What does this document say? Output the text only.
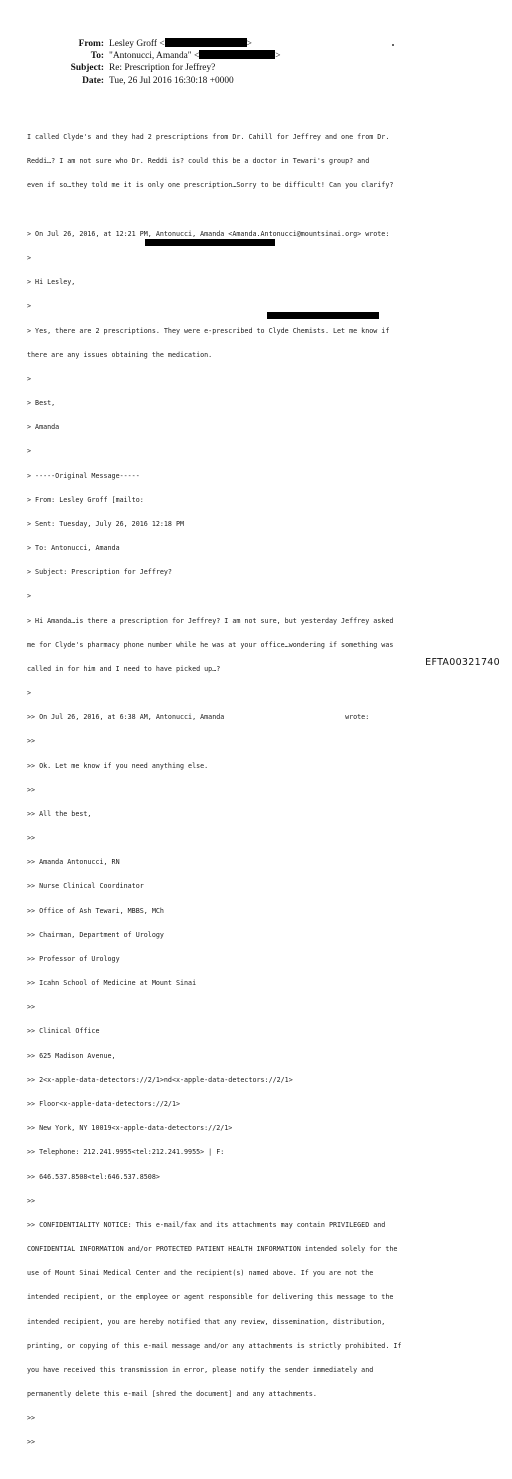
From: Lesley Groff <	>
To: "Antonucci, Amanda" <	>
Subject: Re: Prescription for Jeffrey?
Date: Tue, 26 Jul 2016 16:30:18 +0000

I called Clyde's and they had 2 prescriptions from Dr. Cahill for Jeffrey and one from Dr.

Reddi…? I am not sure who Dr. Reddi is? could this be a doctor in Tewari's group? and

even if so…they told me it is only one prescription…Sorry to be difficult! Can you clarify?

> On Jul 26, 2016, at 12:21 PM, Antonucci, Amanda <Amanda.Antonucci@mountsinai.org> wrote:

>

> Hi Lesley,

>

> Yes, there are 2 prescriptions. They were e-prescribed to Clyde Chemists. Let me know if

there are any issues obtaining the medication.

>

> Best,

> Amanda

>

> -----Original Message-----

> From: Lesley Groff [mailto:

> Sent: Tuesday, July 26, 2016 12:18 PM

> To: Antonucci, Amanda

> Subject: Prescription for Jeffrey?

>

> Hi Amanda…is there a prescription for Jeffrey? I am not sure, but yesterday Jeffrey asked

me for Clyde's pharmacy phone number while he was at your office…wondering if something was

called in for him and I need to have picked up…?

>

>> On Jul 26, 2016, at 6:38 AM, Antonucci, Amanda                              wrote:

>>

>> Ok. Let me know if you need anything else.

>>

>> All the best,

>>

>> Amanda Antonucci, RN

>> Nurse Clinical Coordinator

>> Office of Ash Tewari, MBBS, MCh

>> Chairman, Department of Urology

>> Professor of Urology

>> Icahn School of Medicine at Mount Sinai

>>

>> Clinical Office

>> 625 Madison Avenue,

>> 2<x-apple-data-detectors://2/1>nd<x-apple-data-detectors://2/1>

>> Floor<x-apple-data-detectors://2/1>

>> New York, NY 10019<x-apple-data-detectors://2/1>

>> Telephone: 212.241.9955<tel:212.241.9955> | F:

>> 646.537.8508<tel:646.537.8508>

>>

>> CONFIDENTIALITY NOTICE: This e-mail/fax and its attachments may contain PRIVILEGED and

CONFIDENTIAL INFORMATION and/or PROTECTED PATIENT HEALTH INFORMATION intended solely for the

use of Mount Sinai Medical Center and the recipient(s) named above. If you are not the

intended recipient, or the employee or agent responsible for delivering this message to the

intended recipient, you are hereby notified that any review, dissemination, distribution,

printing, or copying of this e-mail message and/or any attachments is strictly prohibited. If

you have received this transmission in error, please notify the sender immediately and

permanently delete this e-mail [shred the document] and any attachments.

>>

>>

EFTA00321740
